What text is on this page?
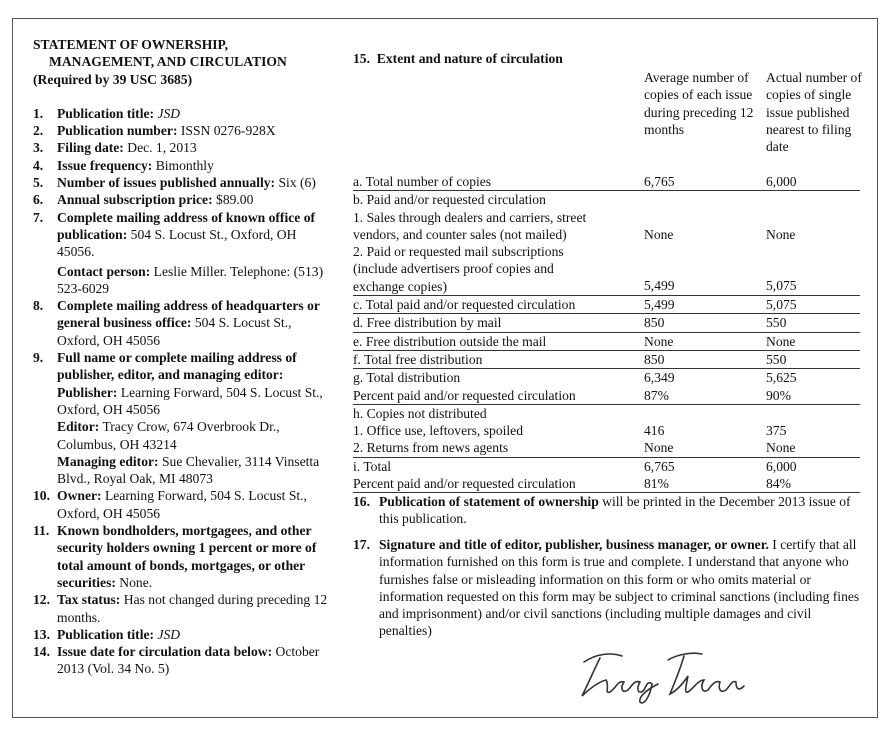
STATEMENT OF OWNERSHIP,
MANAGEMENT, AND CIRCULATION
(Required by 39 USC 3685)
1.	Publication title: JSD
2.	Publication number: ISSN 0276-928X
3.	Filing date: Dec. 1, 2013
4.	Issue frequency: Bimonthly
5.	Number of issues published annually: Six (6)
6.	Annual subscription price: $89.00
7.	Complete mailing address of known office of publication: 504 S. Locust St., Oxford, OH 45056.
Contact person: Leslie Miller. Telephone: (513) 523-6029
8.	Complete mailing address of headquarters or general business office: 504 S. Locust St., Oxford, OH 45056
9.	Full name or complete mailing address of publisher, editor, and managing editor:
Publisher: Learning Forward, 504 S. Locust St., Oxford, OH 45056
Editor: Tracy Crow, 674 Overbrook Dr., Columbus, OH 43214
Managing editor: Sue Chevalier, 3114 Vinsetta Blvd., Royal Oak, MI 48073
10. Owner: Learning Forward, 504 S. Locust St., Oxford, OH 45056
11. Known bondholders, mortgagees, and other security holders owning 1 percent or more of total amount of bonds, mortgages, or other securities: None.
12. Tax status: Has not changed during preceding 12 months.
13. Publication title: JSD
14. Issue date for circulation data below: October 2013 (Vol. 34 No. 5)
15. Extent and nature of circulation
Average number of copies of each issue during preceding 12 months
Actual number of copies of single issue published nearest to filing date
a. Total number of copies	6,765	6,000
b. Paid and/or requested circulation
1. Sales through dealers and carriers, street vendors, and counter sales (not mailed)	None	None
2. Paid or requested mail subscriptions (include advertisers proof copies and exchange copies)	5,499	5,075
c. Total paid and/or requested circulation	5,499	5,075
d. Free distribution by mail	850	550
e. Free distribution outside the mail	None	None
f. Total free distribution	850	550
g. Total distribution	6,349	5,625
Percent paid and/or requested circulation	87%	90%
h. Copies not distributed
1. Office use, leftovers, spoiled	416	375
2. Returns from news agents	None	None
i. Total	6,765	6,000
Percent paid and/or requested circulation	81%	84%
16. Publication of statement of ownership will be printed in the December 2013 issue of this publication.
17. Signature and title of editor, publisher, business manager, or owner. I certify that all information furnished on this form is true and complete. I understand that anyone who furnishes false or misleading information on this form or who omits material or information requested on this form may be subject to criminal sanctions (including fines and imprisonment) and/or civil sanctions (including multiple damages and civil penalties)
